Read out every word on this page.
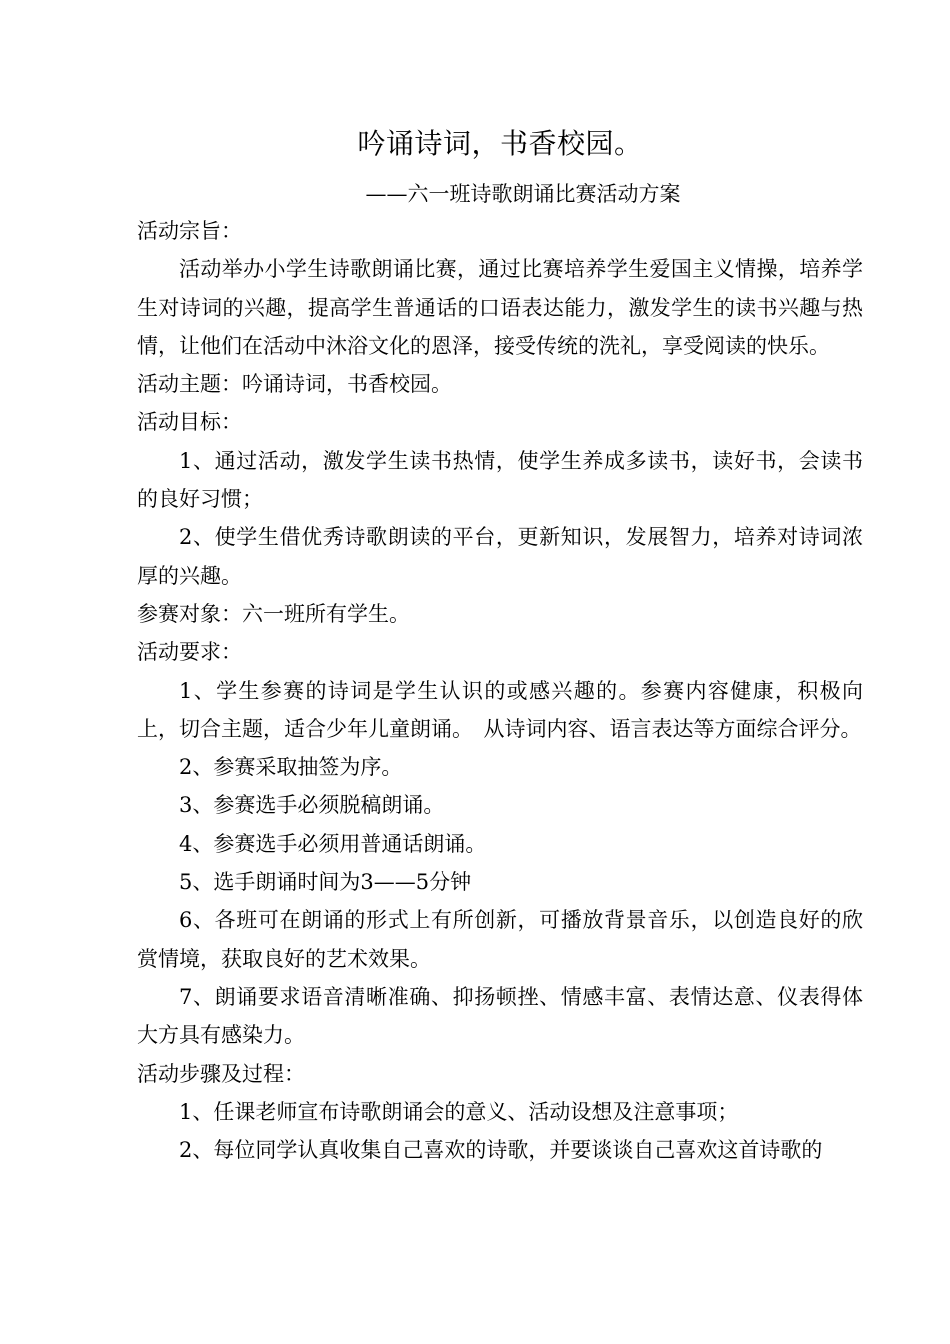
吟诵诗词，书香校园。
——六一班诗歌朗诵比赛活动方案

活动宗旨：

活动举办小学生诗歌朗诵比赛，通过比赛培养学生爱国主义情操，培养学生对诗词的兴趣，提高学生普通话的口语表达能力，激发学生的读书兴趣与热情，让他们在活动中沐浴文化的恩泽，接受传统的洗礼，享受阅读的快乐。

活动主题：吟诵诗词，书香校园。

活动目标：

1、通过活动，激发学生读书热情，使学生养成多读书，读好书，会读书的良好习惯；

2、使学生借优秀诗歌朗读的平台，更新知识，发展智力，培养对诗词浓厚的兴趣。

参赛对象：六一班所有学生。

活动要求：

1、学生参赛的诗词是学生认识的或感兴趣的。参赛内容健康，积极向上，切合主题，适合少年儿童朗诵。　从诗词内容、语言表达等方面综合评分。

2、参赛采取抽签为序。

3、参赛选手必须脱稿朗诵。

4、参赛选手必须用普通话朗诵。

5、选手朗诵时间为3——5分钟

6、各班可在朗诵的形式上有所创新，可播放背景音乐，以创造良好的欣赏情境，获取良好的艺术效果。

7、朗诵要求语音清晰准确、抑扬顿挫、情感丰富、表情达意、仪表得体大方具有感染力。

活动步骤及过程：

1、任课老师宣布诗歌朗诵会的意义、活动设想及注意事项；

2、每位同学认真收集自己喜欢的诗歌，并要谈谈自己喜欢这首诗歌的
